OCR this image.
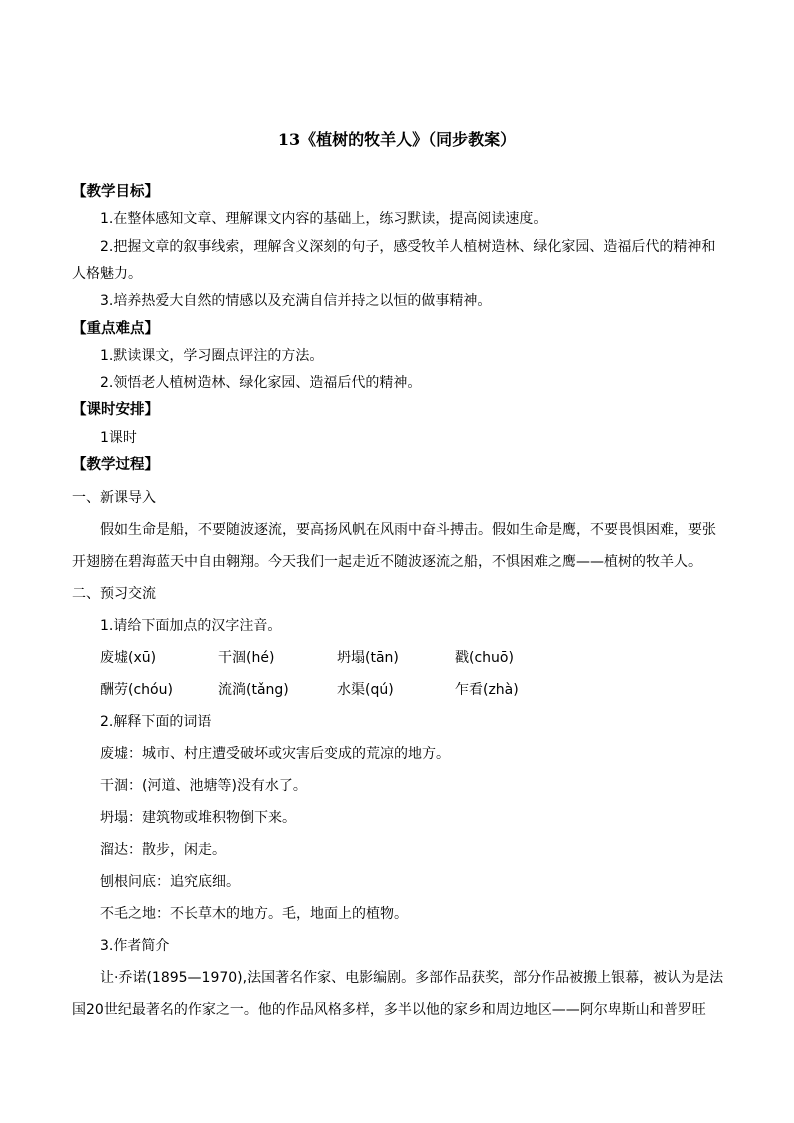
13《植树的牧羊人》（同步教案）
【教学目标】
1.在整体感知文章、理解课文内容的基础上，练习默读，提高阅读速度。
2.把握文章的叙事线索，理解含义深刻的句子，感受牧羊人植树造林、绿化家园、造福后代的精神和
人格魅力。
3.培养热爱大自然的情感以及充满自信并持之以恒的做事精神。
【重点难点】
1.默读课文，学习圈点评注的方法。
2.领悟老人植树造林、绿化家园、造福后代的精神。
【课时安排】
1课时
【教学过程】
一、新课导入
假如生命是船，不要随波逐流，要高扬风帆在风雨中奋斗搏击。假如生命是鹰，不要畏惧困难，要张
开翅膀在碧海蓝天中自由翱翔。今天我们一起走近不随波逐流之船，不惧困难之鹰——植树的牧羊人。
二、预习交流
1.请给下面加点的汉字注音。
废墟(xū)	干涸(hé)	坍塌(tān)	戳(chuō)
酬劳(chóu)	流淌(tǎng)	水渠(qú)	乍看(zhà)
2.解释下面的词语
废墟：城市、村庄遭受破坏或灾害后变成的荒凉的地方。
干涸：(河道、池塘等)没有水了。
坍塌：建筑物或堆积物倒下来。
溜达：散步，闲走。
刨根问底：追究底细。
不毛之地：不长草木的地方。毛，地面上的植物。
3.作者简介
让·乔诺(1895—1970),法国著名作家、电影编剧。多部作品获奖，部分作品被搬上银幕，被认为是法
国20世纪最著名的作家之一。他的作品风格多样，多半以他的家乡和周边地区——阿尔卑斯山和普罗旺
